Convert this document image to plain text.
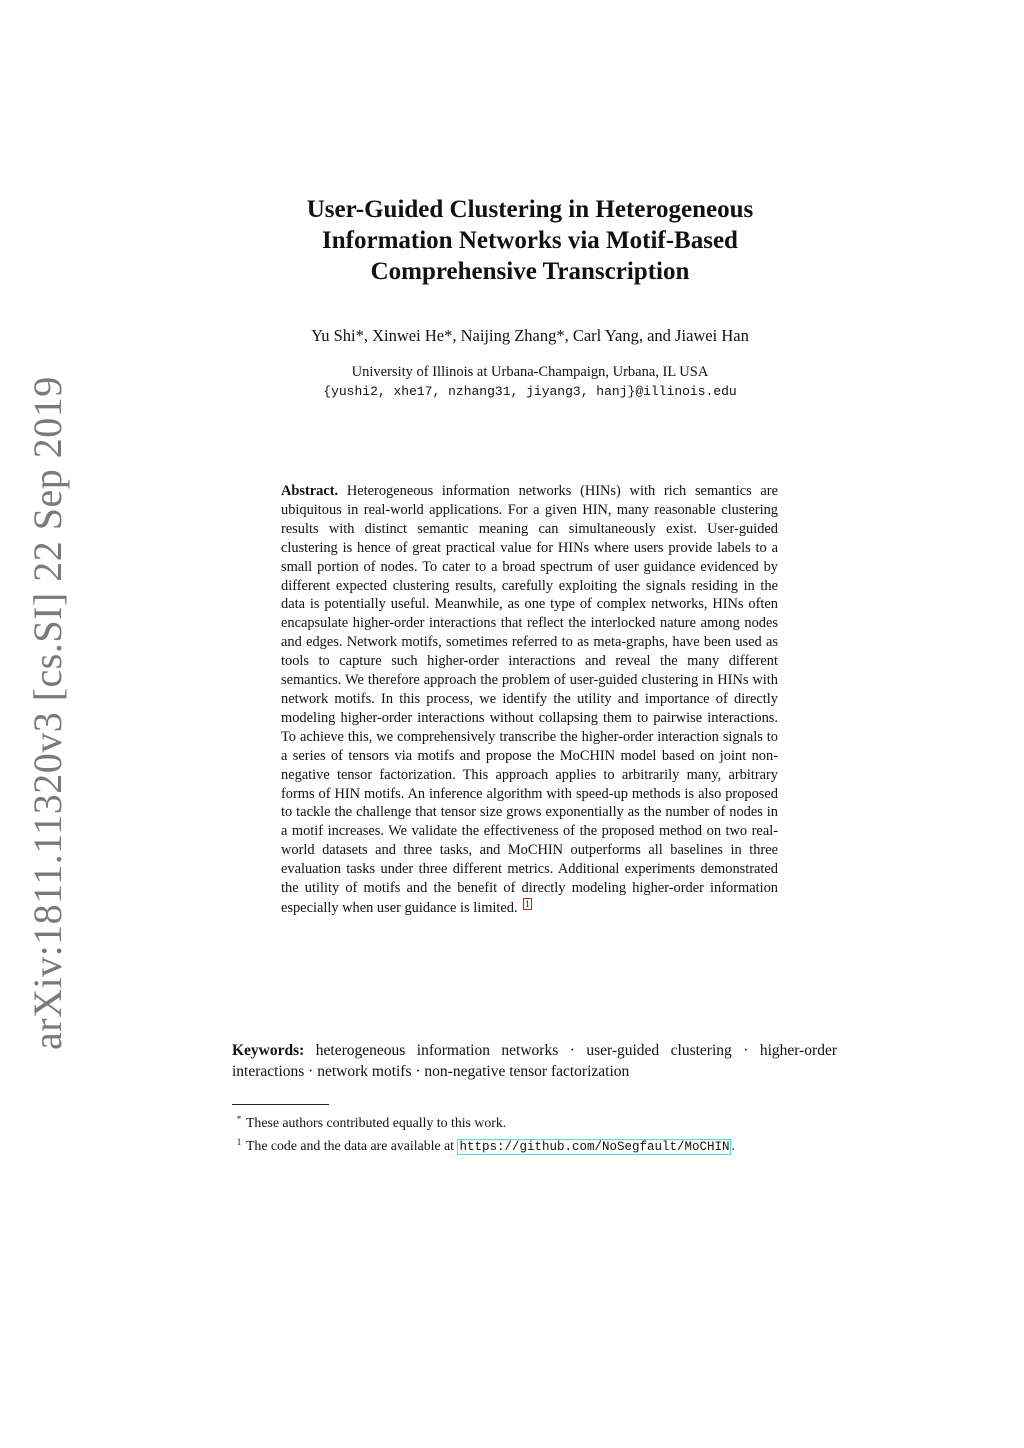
arXiv:1811.11320v3 [cs.SI] 22 Sep 2019
User-Guided Clustering in Heterogeneous
Information Networks via Motif-Based
Comprehensive Transcription
Yu Shi*, Xinwei He*, Naijing Zhang*, Carl Yang, and Jiawei Han
University of Illinois at Urbana-Champaign, Urbana, IL USA
{yushi2, xhe17, nzhang31, jiyang3, hanj}@illinois.edu
Abstract. Heterogeneous information networks (HINs) with rich semantics are ubiquitous in real-world applications. For a given HIN, many reasonable clustering results with distinct semantic meaning can simultaneously exist. User-guided clustering is hence of great practical value for HINs where users provide labels to a small portion of nodes. To cater to a broad spectrum of user guidance evidenced by different expected clustering results, carefully exploiting the signals residing in the data is potentially useful. Meanwhile, as one type of complex networks, HINs often encapsulate higher-order interactions that reflect the interlocked nature among nodes and edges. Network motifs, sometimes referred to as meta-graphs, have been used as tools to capture such higher-order interactions and reveal the many different semantics. We therefore approach the problem of user-guided clustering in HINs with network motifs. In this process, we identify the utility and importance of directly modeling higher-order interactions without collapsing them to pairwise interactions. To achieve this, we comprehensively transcribe the higher-order interaction signals to a series of tensors via motifs and propose the MoCHIN model based on joint non-negative tensor factorization. This approach applies to arbitrarily many, arbitrary forms of HIN motifs. An inference algorithm with speed-up methods is also proposed to tackle the challenge that tensor size grows exponentially as the number of nodes in a motif increases. We validate the effectiveness of the proposed method on two real-world datasets and three tasks, and MoCHIN outperforms all baselines in three evaluation tasks under three different metrics. Additional experiments demonstrated the utility of motifs and the benefit of directly modeling higher-order information especially when user guidance is limited. 1
Keywords: heterogeneous information networks · user-guided clustering · higher-order interactions · network motifs · non-negative tensor factorization
* These authors contributed equally to this work.
$^1$ The code and the data are available at https://github.com/NoSegfault/MoCHIN .
